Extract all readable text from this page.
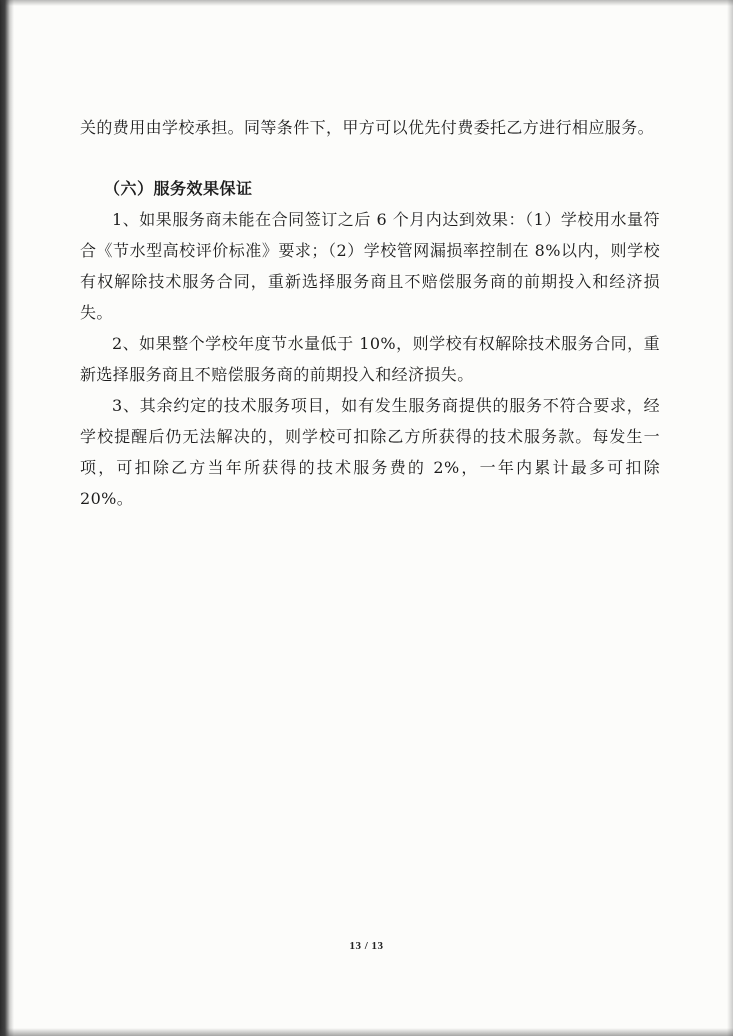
关的费用由学校承担。同等条件下，甲方可以优先付费委托乙方进行相应服务。

（六）服务效果保证

1、如果服务商未能在合同签订之后 6 个月内达到效果：（1）学校用水量符合《节水型高校评价标准》要求；（2）学校管网漏损率控制在 8%以内，则学校有权解除技术服务合同，重新选择服务商且不赔偿服务商的前期投入和经济损失。

2、如果整个学校年度节水量低于 10%，则学校有权解除技术服务合同，重新选择服务商且不赔偿服务商的前期投入和经济损失。

3、其余约定的技术服务项目，如有发生服务商提供的服务不符合要求，经学校提醒后仍无法解决的，则学校可扣除乙方所获得的技术服务款。每发生一项，可扣除乙方当年所获得的技术服务费的 2%，一年内累计最多可扣除 20%。

13 / 13
